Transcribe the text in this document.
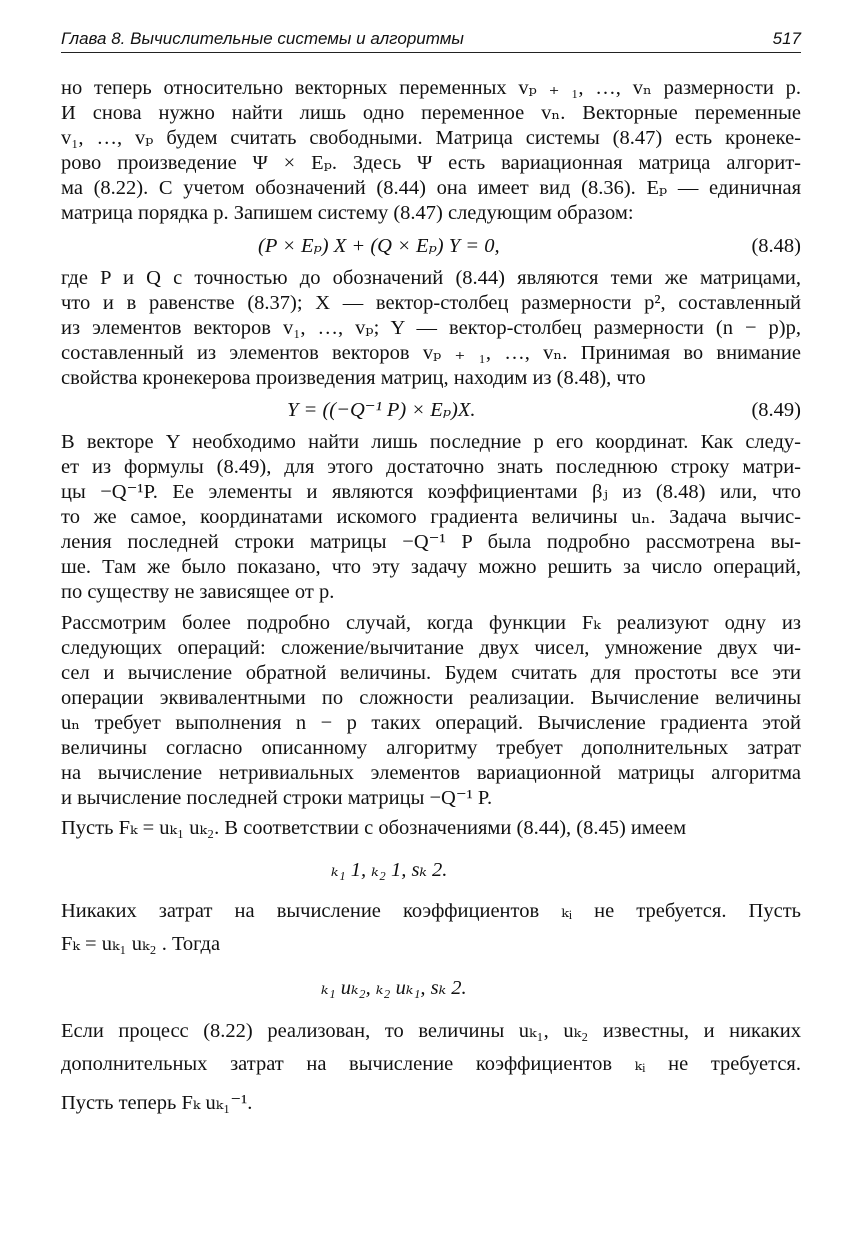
Глава 8. Вычислительные системы и алгоритмы	517
но теперь относительно векторных переменных vₚ ₊ ₁, …, vₙ размерности p.
И снова нужно найти лишь одно переменное vₙ. Векторные переменные
v₁, …, vₚ будем считать свободными. Матрица системы (8.47) есть кронеке-
рово произведение Ψ × Eₚ. Здесь Ψ есть вариационная матрица алгорит-
ма (8.22). С учетом обозначений (8.44) она имеет вид (8.36). Eₚ — единичная
матрица порядка p. Запишем систему (8.47) следующим образом:
где P и Q с точностью до обозначений (8.44) являются теми же матрицами,
что и в равенстве (8.37); X — вектор-столбец размерности p², составленный
из элементов векторов v₁, …, vₚ; Y — вектор-столбец размерности (n − p)p,
составленный из элементов векторов vₚ ₊ ₁, …, vₙ. Принимая во внимание
свойства кронекерова произведения матриц, находим из (8.48), что
В векторе Y необходимо найти лишь последние p его координат. Как следу-
ет из формулы (8.49), для этого достаточно знать последнюю строку матри-
цы −Q⁻¹P. Ее элементы и являются коэффициентами βⱼ из (8.48) или, что
то же самое, координатами искомого градиента величины uₙ. Задача вычис-
ления последней строки матрицы −Q⁻¹ P была подробно рассмотрена вы-
ше. Там же было показано, что эту задачу можно решить за число операций,
по существу не зависящее от p.
Рассмотрим более подробно случай, когда функции Fₖ реализуют одну из
следующих операций: сложение/вычитание двух чисел, умножение двух чи-
сел и вычисление обратной величины. Будем считать для простоты все эти
операции эквивалентными по сложности реализации. Вычисление величины
uₙ требует выполнения n − p таких операций. Вычисление градиента этой
величины согласно описанному алгоритму требует дополнительных затрат
на вычисление нетривиальных элементов вариационной матрицы алгоритма
и вычисление последней строки матрицы −Q⁻¹ P.
Пусть Fₖ = uₖ₁ uₖ₂. В соответствии с обозначениями (8.44), (8.45) имеем
Никаких затрат на вычисление коэффициентов ₖᵢ не требуется. Пусть
Fₖ = uₖ₁ uₖ₂ . Тогда
Если процесс (8.22) реализован, то величины uₖ₁, uₖ₂ известны, и никаких
дополнительных затрат на вычисление коэффициентов ₖᵢ не требуется.
Пусть теперь Fₖ uₖ₁⁻¹.
(P × Eₚ) X + (Q × Eₚ) Y = 0,	(8.48)
Y = ((−Q⁻¹ P) × Eₚ)X.	(8.49)
ₖ₁ 1, ₖ₂ 1, sₖ 2.
ₖ₁ uₖ₂, ₖ₂ uₖ₁, sₖ 2.
